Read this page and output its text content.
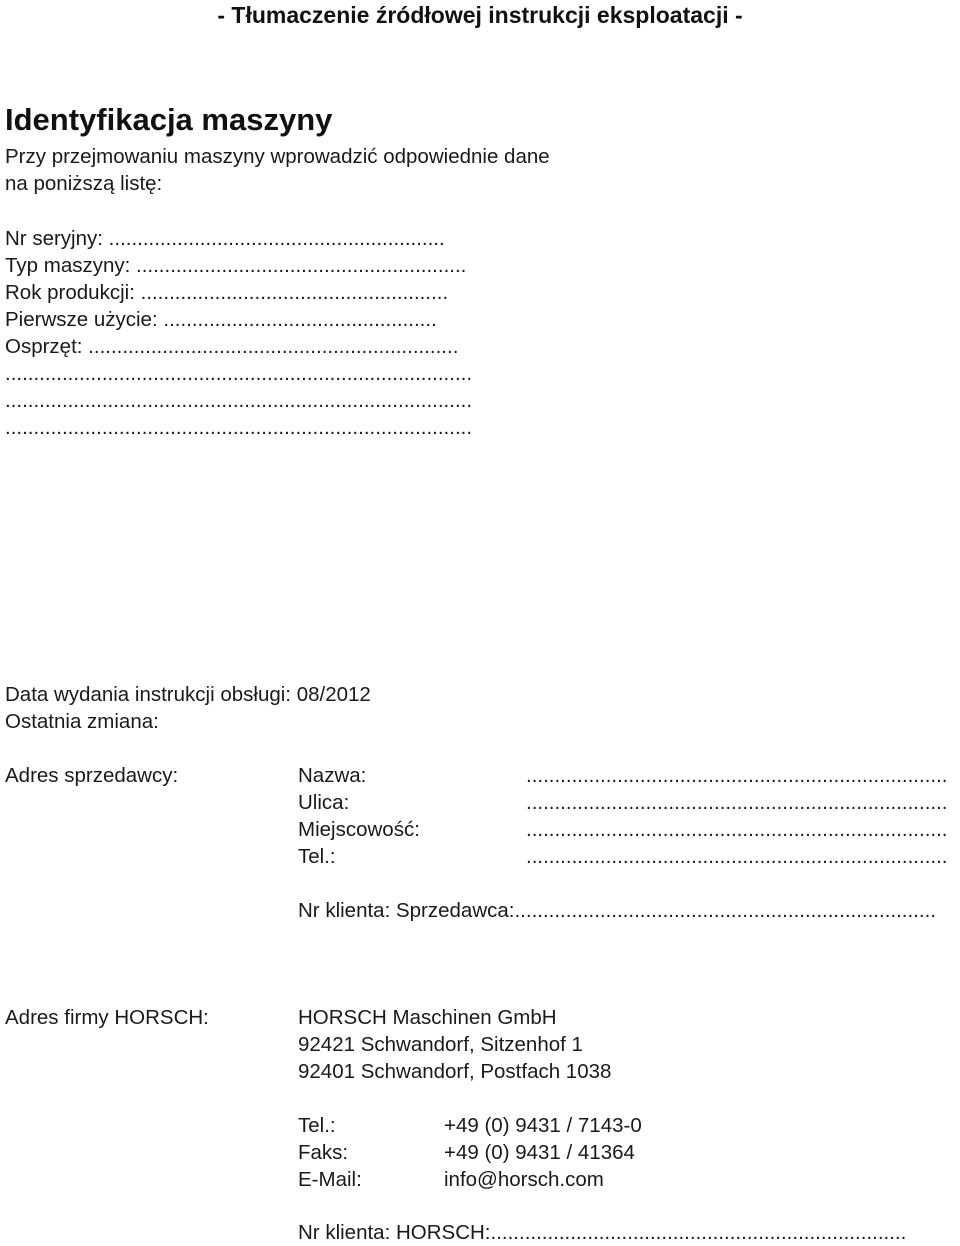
- Tłumaczenie źródłowej instrukcji eksploatacji -
Identyfikacja maszyny
Przy przejmowaniu maszyny wprowadzić odpowiednie dane
na poniższą listę:
Nr seryjny: ...........................................................
Typ maszyny: ..........................................................
Rok produkcji: ......................................................
Pierwsze użycie: ................................................
Osprzęt: .................................................................
..................................................................................
..................................................................................
..................................................................................
Data wydania instrukcji obsługi: 08/2012
Ostatnia zmiana:
Adres sprzedawcy:	Nazwa:	..........................................................................
Ulica:	..........................................................................
Miejscowość:	..........................................................................
Tel.:	..........................................................................
Nr klienta: Sprzedawca:..........................................................................
Adres firmy HORSCH:	HORSCH Maschinen GmbH
92421 Schwandorf, Sitzenhof 1
92401 Schwandorf, Postfach 1038
Tel.:	+49 (0) 9431 / 7143-0
Faks:	+49 (0) 9431 / 41364
E-Mail:	info@horsch.com
Nr klienta: HORSCH:.........................................................................
